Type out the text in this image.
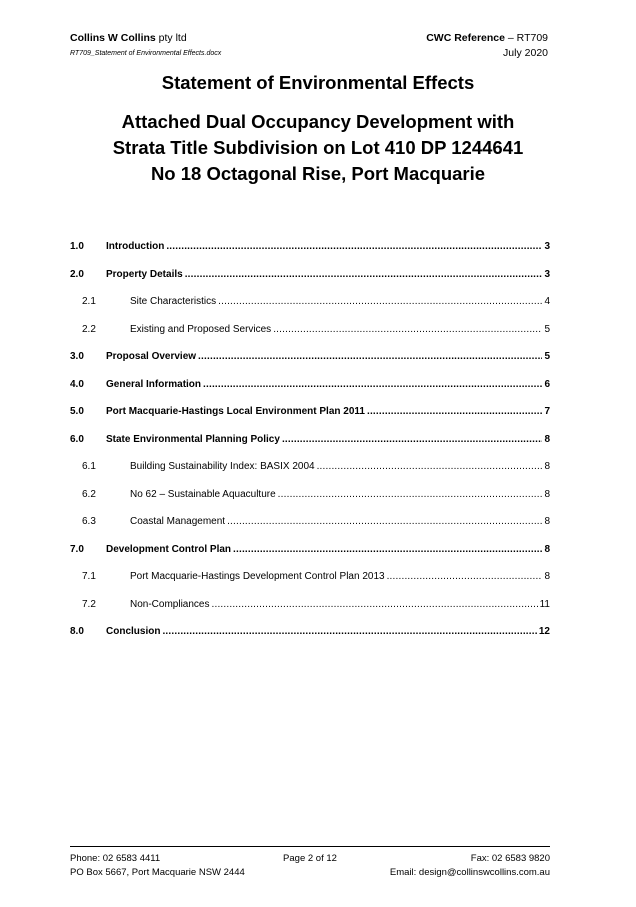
Collins W Collins pty ltd
RT709_Statement of Environmental Effects.docx
CWC Reference – RT709
July 2020
Statement of Environmental Effects
Attached Dual Occupancy Development with
Strata Title Subdivision on Lot 410 DP 1244641
No 18 Octagonal Rise, Port Macquarie
1.0	Introduction .....	3
2.0	Property Details .....	3
2.1	Site Characteristics .....	4
2.2	Existing and Proposed Services .....	5
3.0	Proposal Overview .....	5
4.0	General Information .....	6
5.0	Port Macquarie-Hastings Local Environment Plan 2011 .....	7
6.0	State Environmental Planning Policy .....	8
6.1	Building Sustainability Index: BASIX 2004 .....	8
6.2	No 62 – Sustainable Aquaculture .....	8
6.3	Coastal Management .....	8
7.0	Development Control Plan .....	8
7.1	Port Macquarie-Hastings Development Control Plan 2013 .....	8
7.2	Non-Compliances .....	11
8.0	Conclusion .....	12
Phone: 02 6583 4411	Page 2 of 12	Fax: 02 6583 9820
PO Box 5667, Port Macquarie NSW 2444	Email: design@collinswcollins.com.au
